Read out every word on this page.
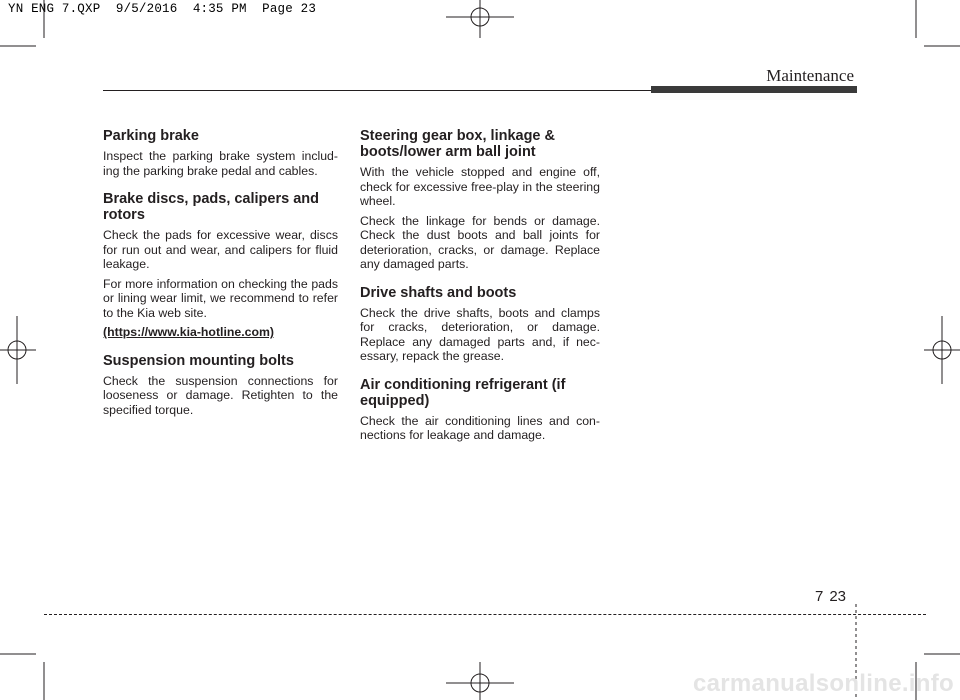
YN ENG 7.QXP  9/5/2016  4:35 PM  Page 23
Maintenance
Parking brake

Inspect the parking brake system includ-ing the parking brake pedal and cables.

Brake discs, pads, calipers and rotors

Check the pads for excessive wear, discs for run out and wear, and calipers for fluid leakage.

For more information on checking the pads or lining wear limit, we recommend to refer to the Kia web site.

(https://www.kia-hotline.com)
Suspension mounting bolts

Check the suspension connections for looseness or damage. Retighten to the specified torque.

Steering gear box, linkage & boots/lower arm ball joint

With the vehicle stopped and engine off, check for excessive free-play in the steering wheel.

Check the linkage for bends or damage. Check the dust boots and ball joints for deterioration, cracks, or damage. Replace any damaged parts.

Drive shafts and boots

Check the drive shafts, boots and clamps for cracks, deterioration, or damage. Replace any damaged parts and, if nec-essary, repack the grease.

Air conditioning refrigerant (if equipped)

Check the air conditioning lines and con-nections for leakage and damage.

7 23
carmanualsonline.info
